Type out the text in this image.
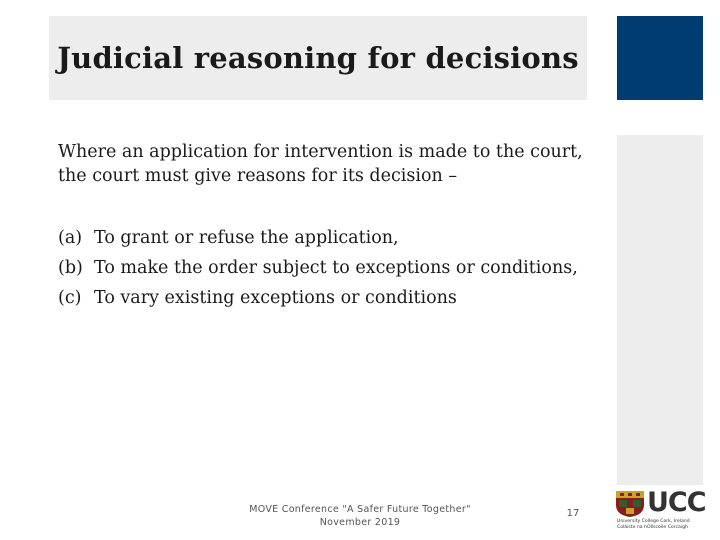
Judicial reasoning for decisions
Where an application for intervention is made to the court, the court must give reasons for its decision –
(a) To grant or refuse the application,
(b) To make the order subject to exceptions or conditions,
(c) To vary existing exceptions or conditions
MOVE Conference "A Safer Future Together"
November 2019
17	UCC
University College Cork, Ireland
Coláiste na hOllscoile Corcaigh
